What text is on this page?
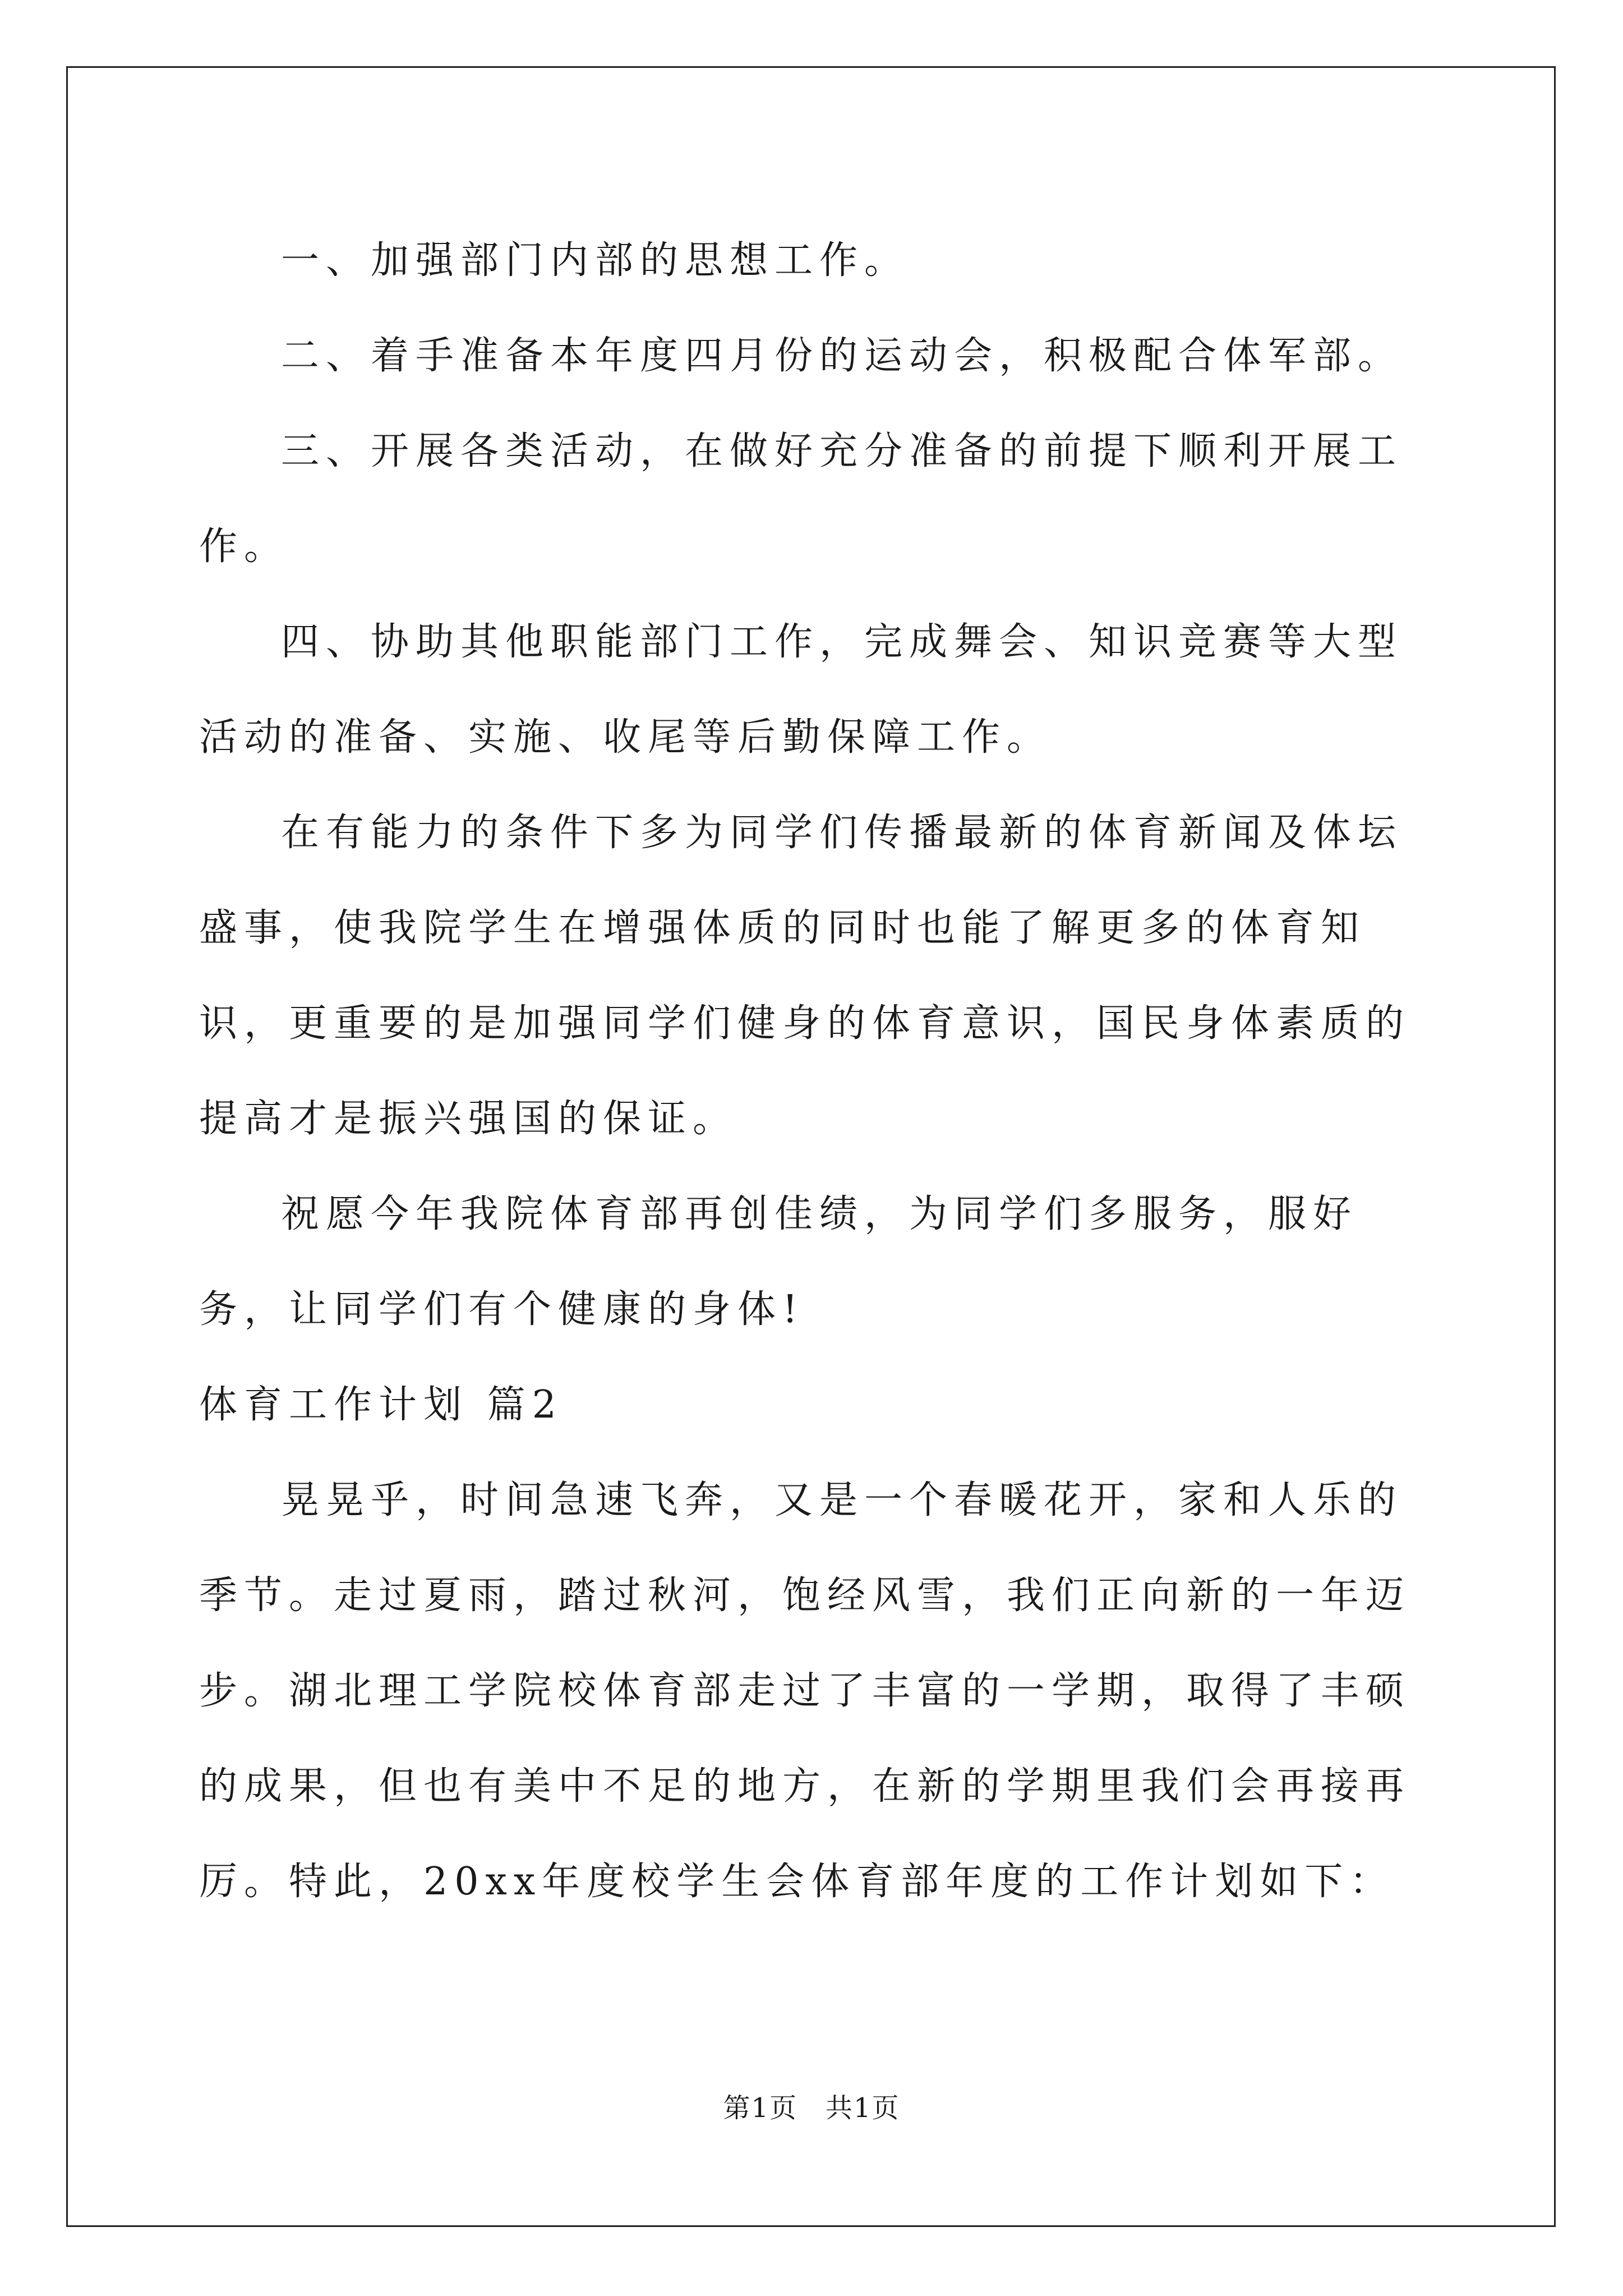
一、加强部门内部的思想工作。

二、着手准备本年度四月份的运动会，积极配合体军部。

三、开展各类活动，在做好充分准备的前提下顺利开展工作。

四、协助其他职能部门工作，完成舞会、知识竞赛等大型活动的准备、实施、收尾等后勤保障工作。

在有能力的条件下多为同学们传播最新的体育新闻及体坛盛事，使我院学生在增强体质的同时也能了解更多的体育知识，更重要的是加强同学们健身的体育意识，国民身体素质的提高才是振兴强国的保证。

祝愿今年我院体育部再创佳绩，为同学们多服务，服好务，让同学们有个健康的身体!

体育工作计划 篇2

晃晃乎，时间急速飞奔，又是一个春暖花开，家和人乐的季节。走过夏雨，踏过秋河，饱经风雪，我们正向新的一年迈步。湖北理工学院校体育部走过了丰富的一学期，取得了丰硕的成果，但也有美中不足的地方，在新的学期里我们会再接再厉。特此，20xx年度校学生会体育部年度的工作计划如下：

第1页　共1页
